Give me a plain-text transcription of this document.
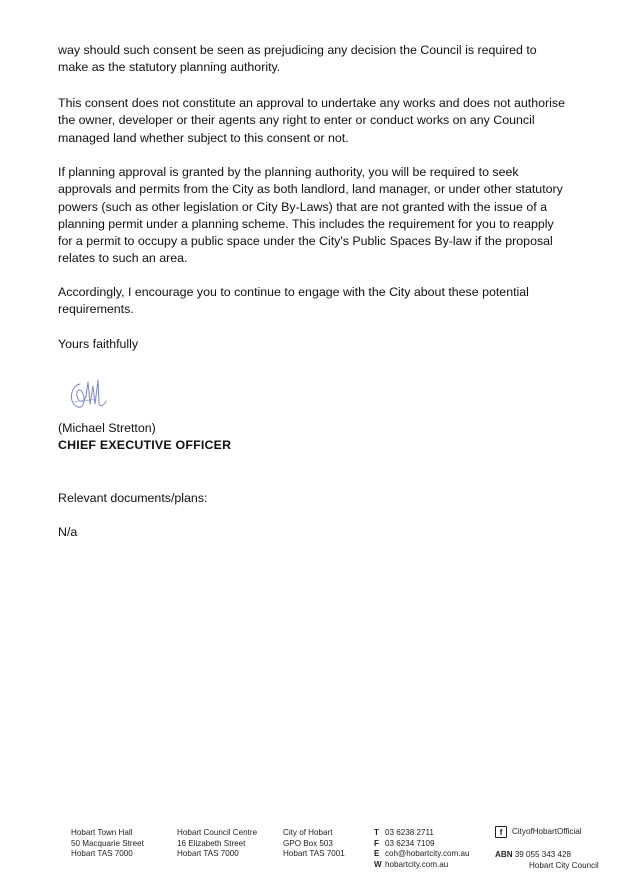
way should such consent be seen as prejudicing any decision the Council is required to make as the statutory planning authority.

This consent does not constitute an approval to undertake any works and does not authorise the owner, developer or their agents any right to enter or conduct works on any Council managed land whether subject to this consent or not.

If planning approval is granted by the planning authority, you will be required to seek approvals and permits from the City as both landlord, land manager, or under other statutory powers (such as other legislation or City By-Laws) that are not granted with the issue of a planning permit under a planning scheme. This includes the requirement for you to reapply for a permit to occupy a public space under the City's Public Spaces By-law if the proposal relates to such an area.

Accordingly, I encourage you to continue to engage with the City about these potential requirements.

Yours faithfully
(Michael Stretton)
CHIEF EXECUTIVE OFFICER
Relevant documents/plans:
N/a
Hobart Town Hall
50 Macquarie Street
Hobart TAS 7000
Hobart Council Centre
16 Elizabeth Street
Hobart TAS 7000
City of Hobart
GPO Box 503
Hobart TAS 7001
T 03 6238 2711
F 03 6234 7109
E coh@hobartcity.com.au
W hobartcity.com.au
f	CityofHobartOfficial
ABN 39 055 343 428
Hobart City Council
